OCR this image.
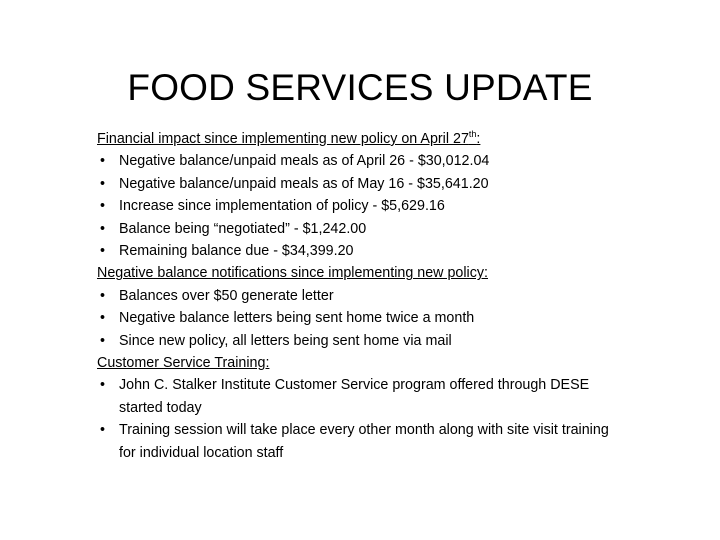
FOOD SERVICES UPDATE

Financial impact since implementing new policy on April 27th:

• Negative balance/unpaid meals as of April 26 - $30,012.04
• Negative balance/unpaid meals as of May 16 - $35,641.20
• Increase since implementation of policy - $5,629.16
• Balance being “negotiated” - $1,242.00
• Remaining balance due - $34,399.20

Negative balance notifications since implementing new policy:

• Balances over $50 generate letter
• Negative balance letters being sent home twice a month
• Since new policy, all letters being sent home via mail

Customer Service Training:

• John C. Stalker Institute Customer Service program offered through DESE started today
• Training session will take place every other month along with site visit training for individual location staff
